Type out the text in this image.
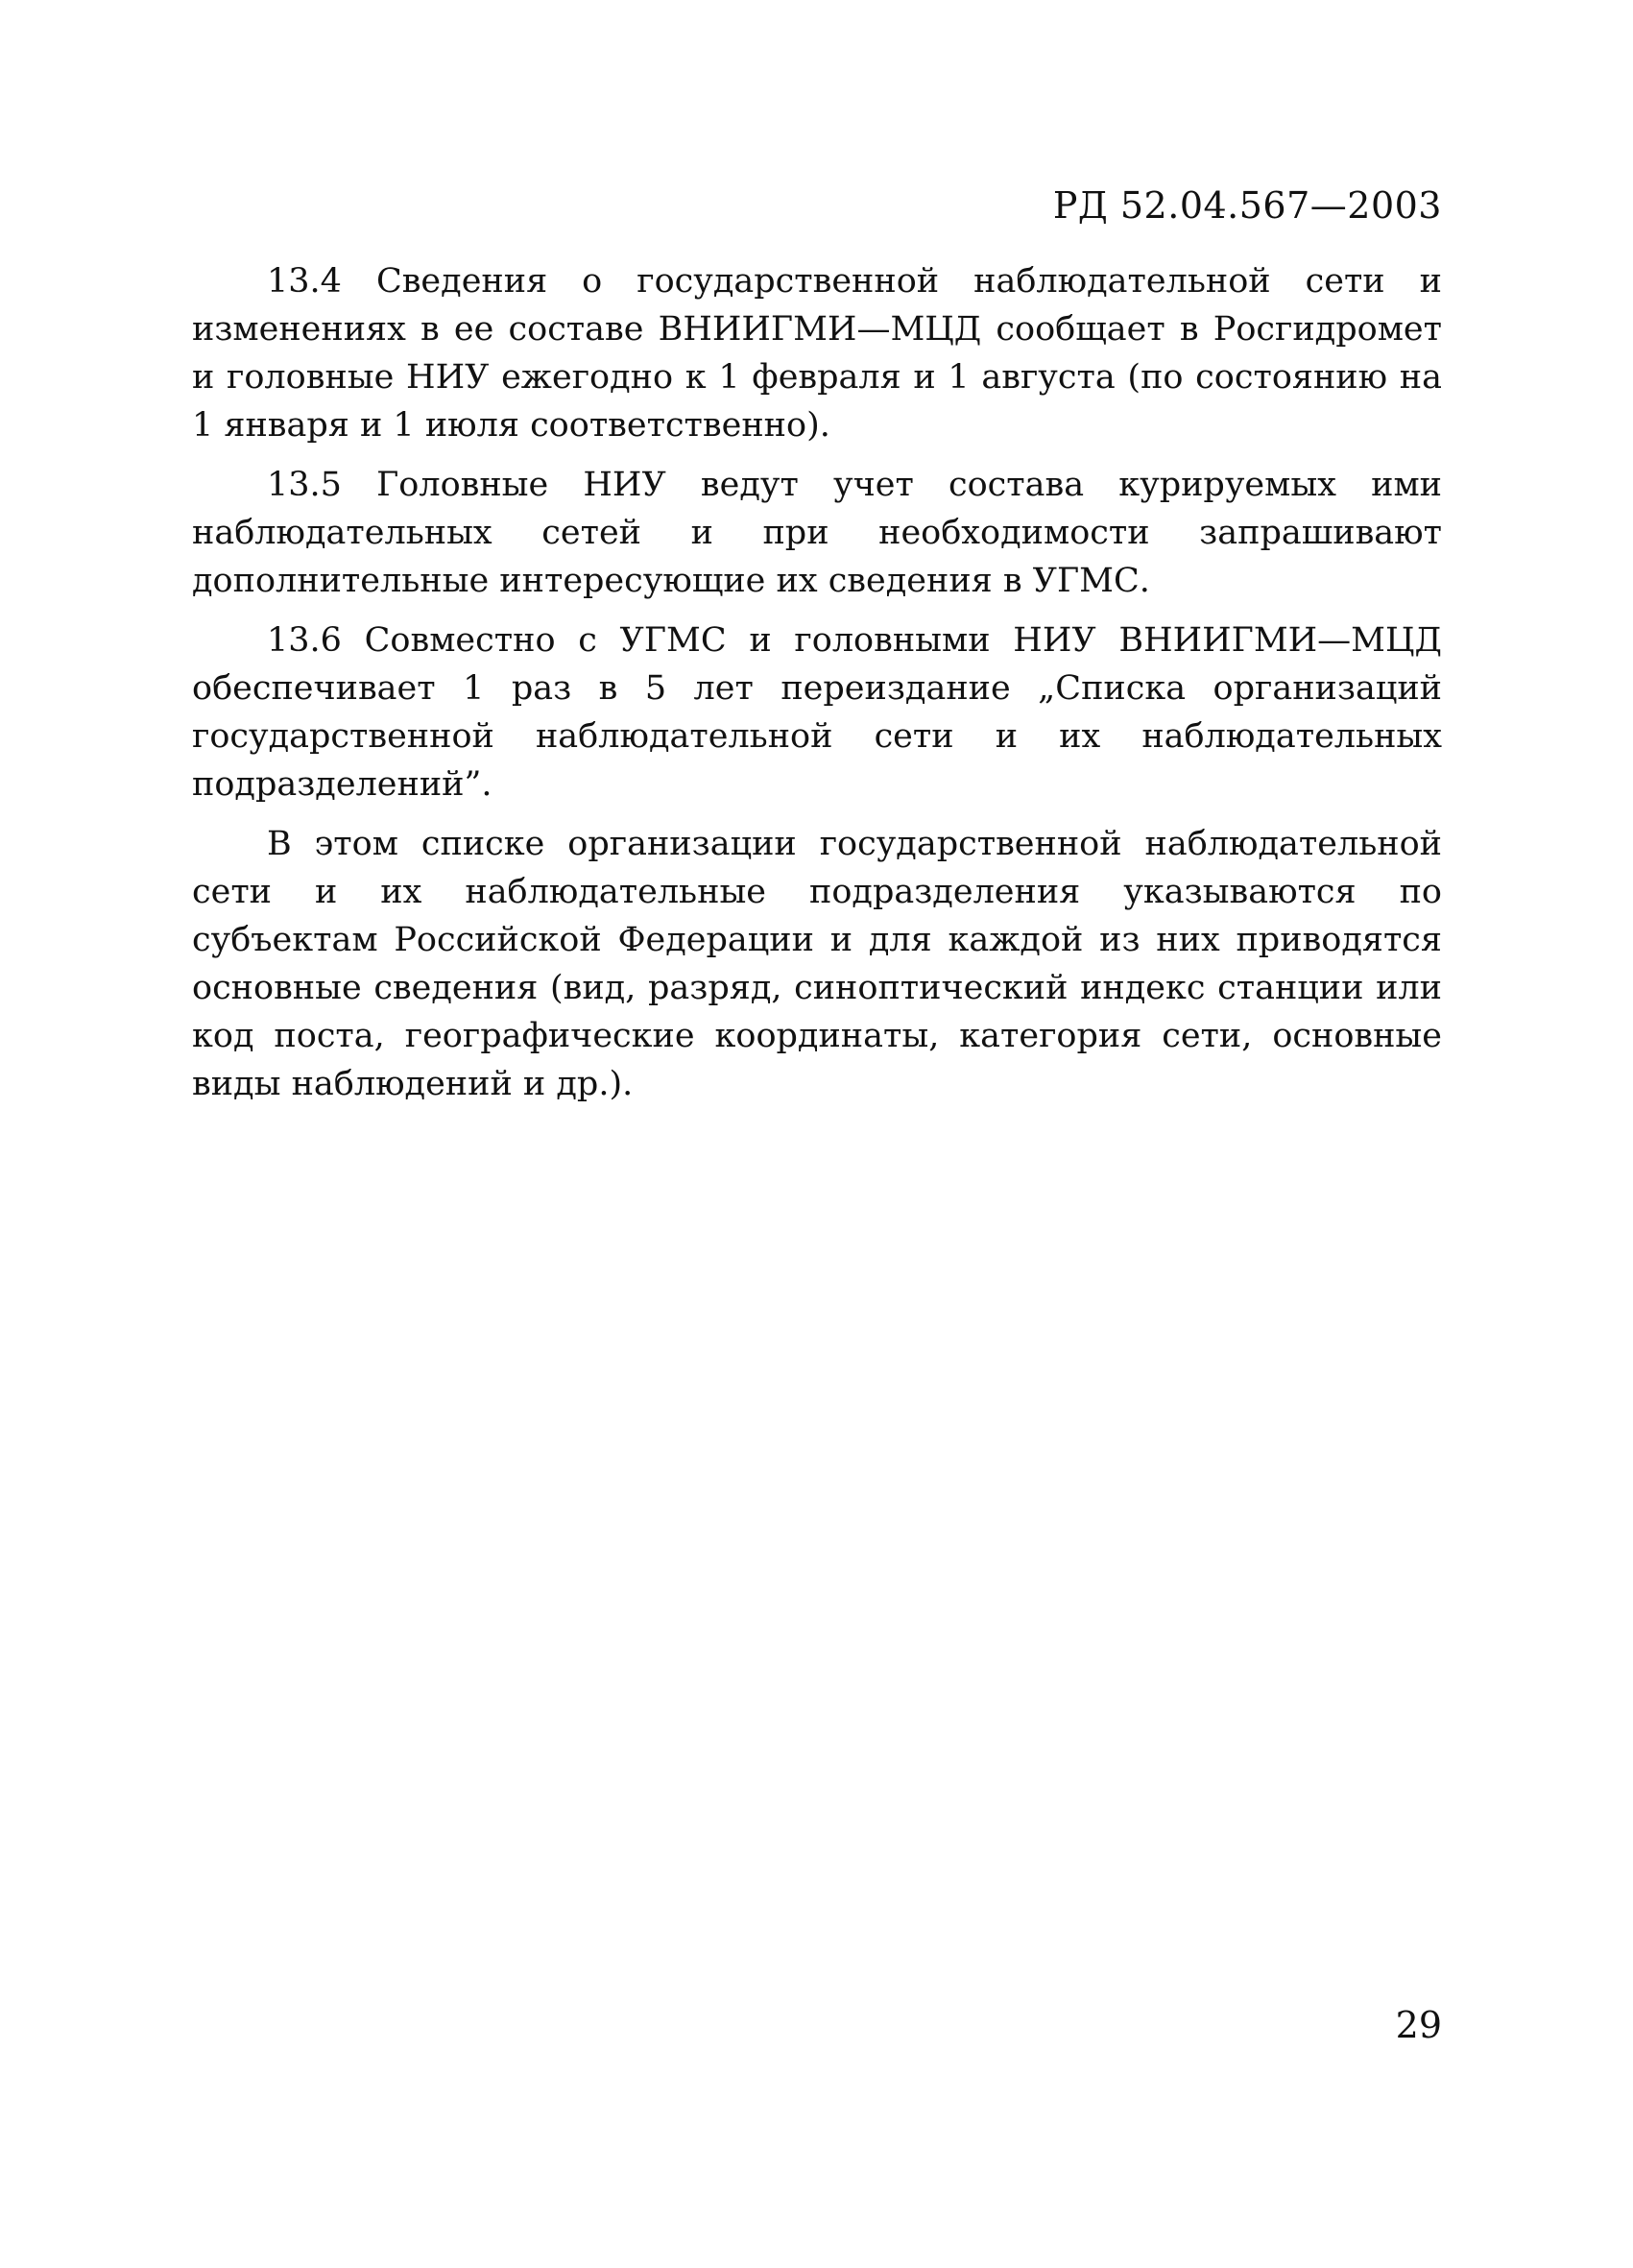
РД 52.04.567—2003

13.4 Сведения о государственной наблюдательной сети и изменениях в ее составе ВНИИГМИ—МЦД сообщает в Росгидромет и головные НИУ ежегодно к 1 февраля и 1 августа (по состоянию на 1 января и 1 июля соответственно).

13.5 Головные НИУ ведут учет состава курируемых ими наблюдательных сетей и при необходимости запрашивают дополнительные интересующие их сведения в УГМС.

13.6 Совместно с УГМС и головными НИУ ВНИИГМИ—МЦД обеспечивает 1 раз в 5 лет переиздание „Списка организаций государственной наблюдательной сети и их наблюдательных подразделений”.

В этом списке организации государственной наблюдательной сети и их наблюдательные подразделения указываются по субъектам Российской Федерации и для каждой из них приводятся основные сведения (вид, разряд, синоптический индекс станции или код поста, географические координаты, категория сети, основные виды наблюдений и др.).

29
